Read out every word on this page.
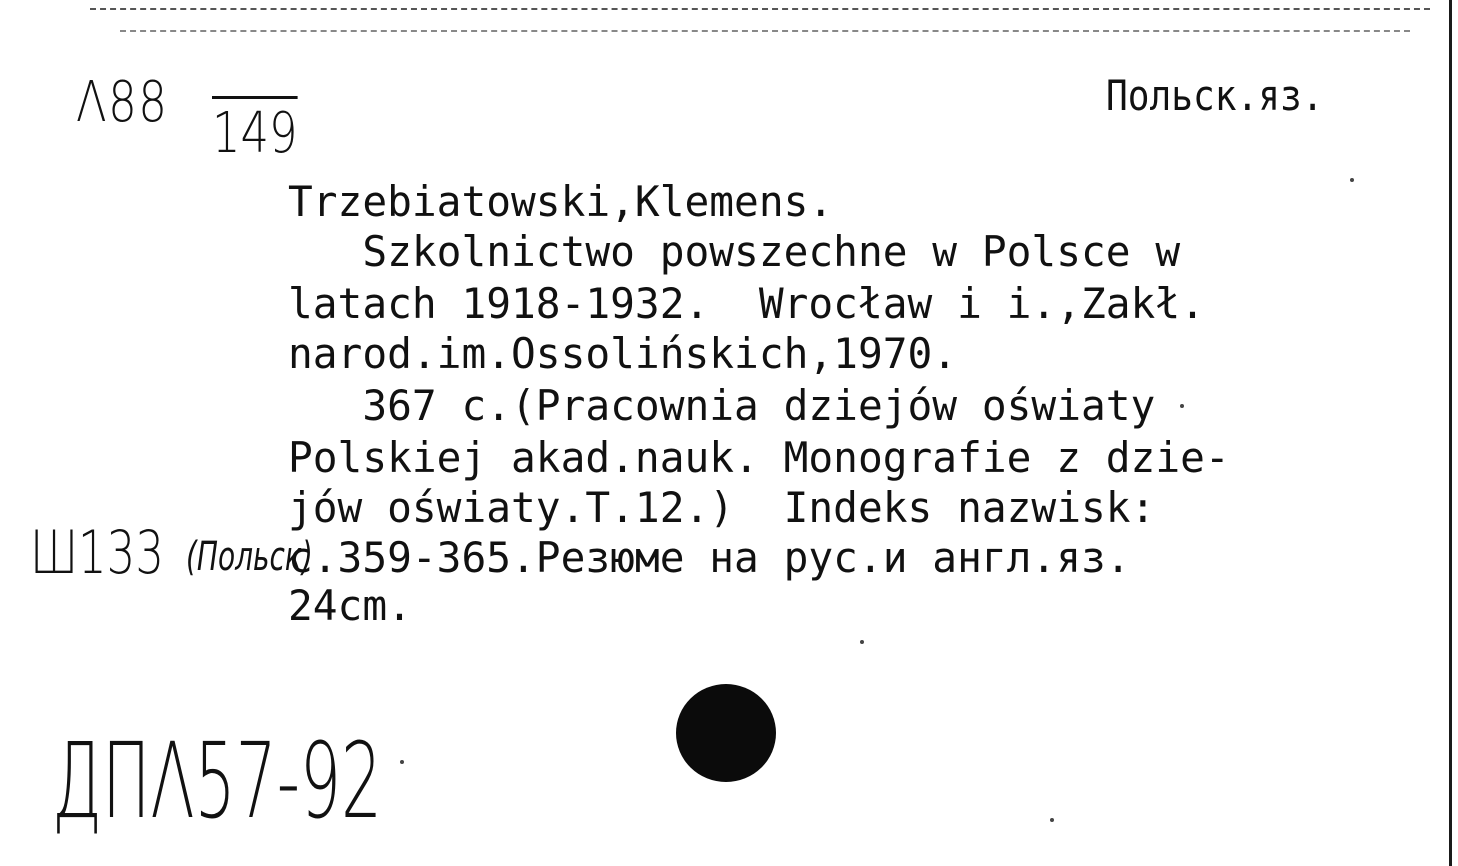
Λ88 149
Польск.яз.
Trzebiatowski,Klemens.
Szkolnictwo powszechne w Polsce w
latach 1918-1932.  Wrocław i i.,Zakł.
narod.im.Ossolińskich,1970.
367 c.(Pracownia dziejów oświaty
Polskiej akad.nauk. Monografie z dzie-
jów oświaty.T.12.)  Indeks nazwisk:
c.359-365.Резюме на рус.и англ.яз.
24cm.
Ш133 (Польск)
ДПΛ57-92
